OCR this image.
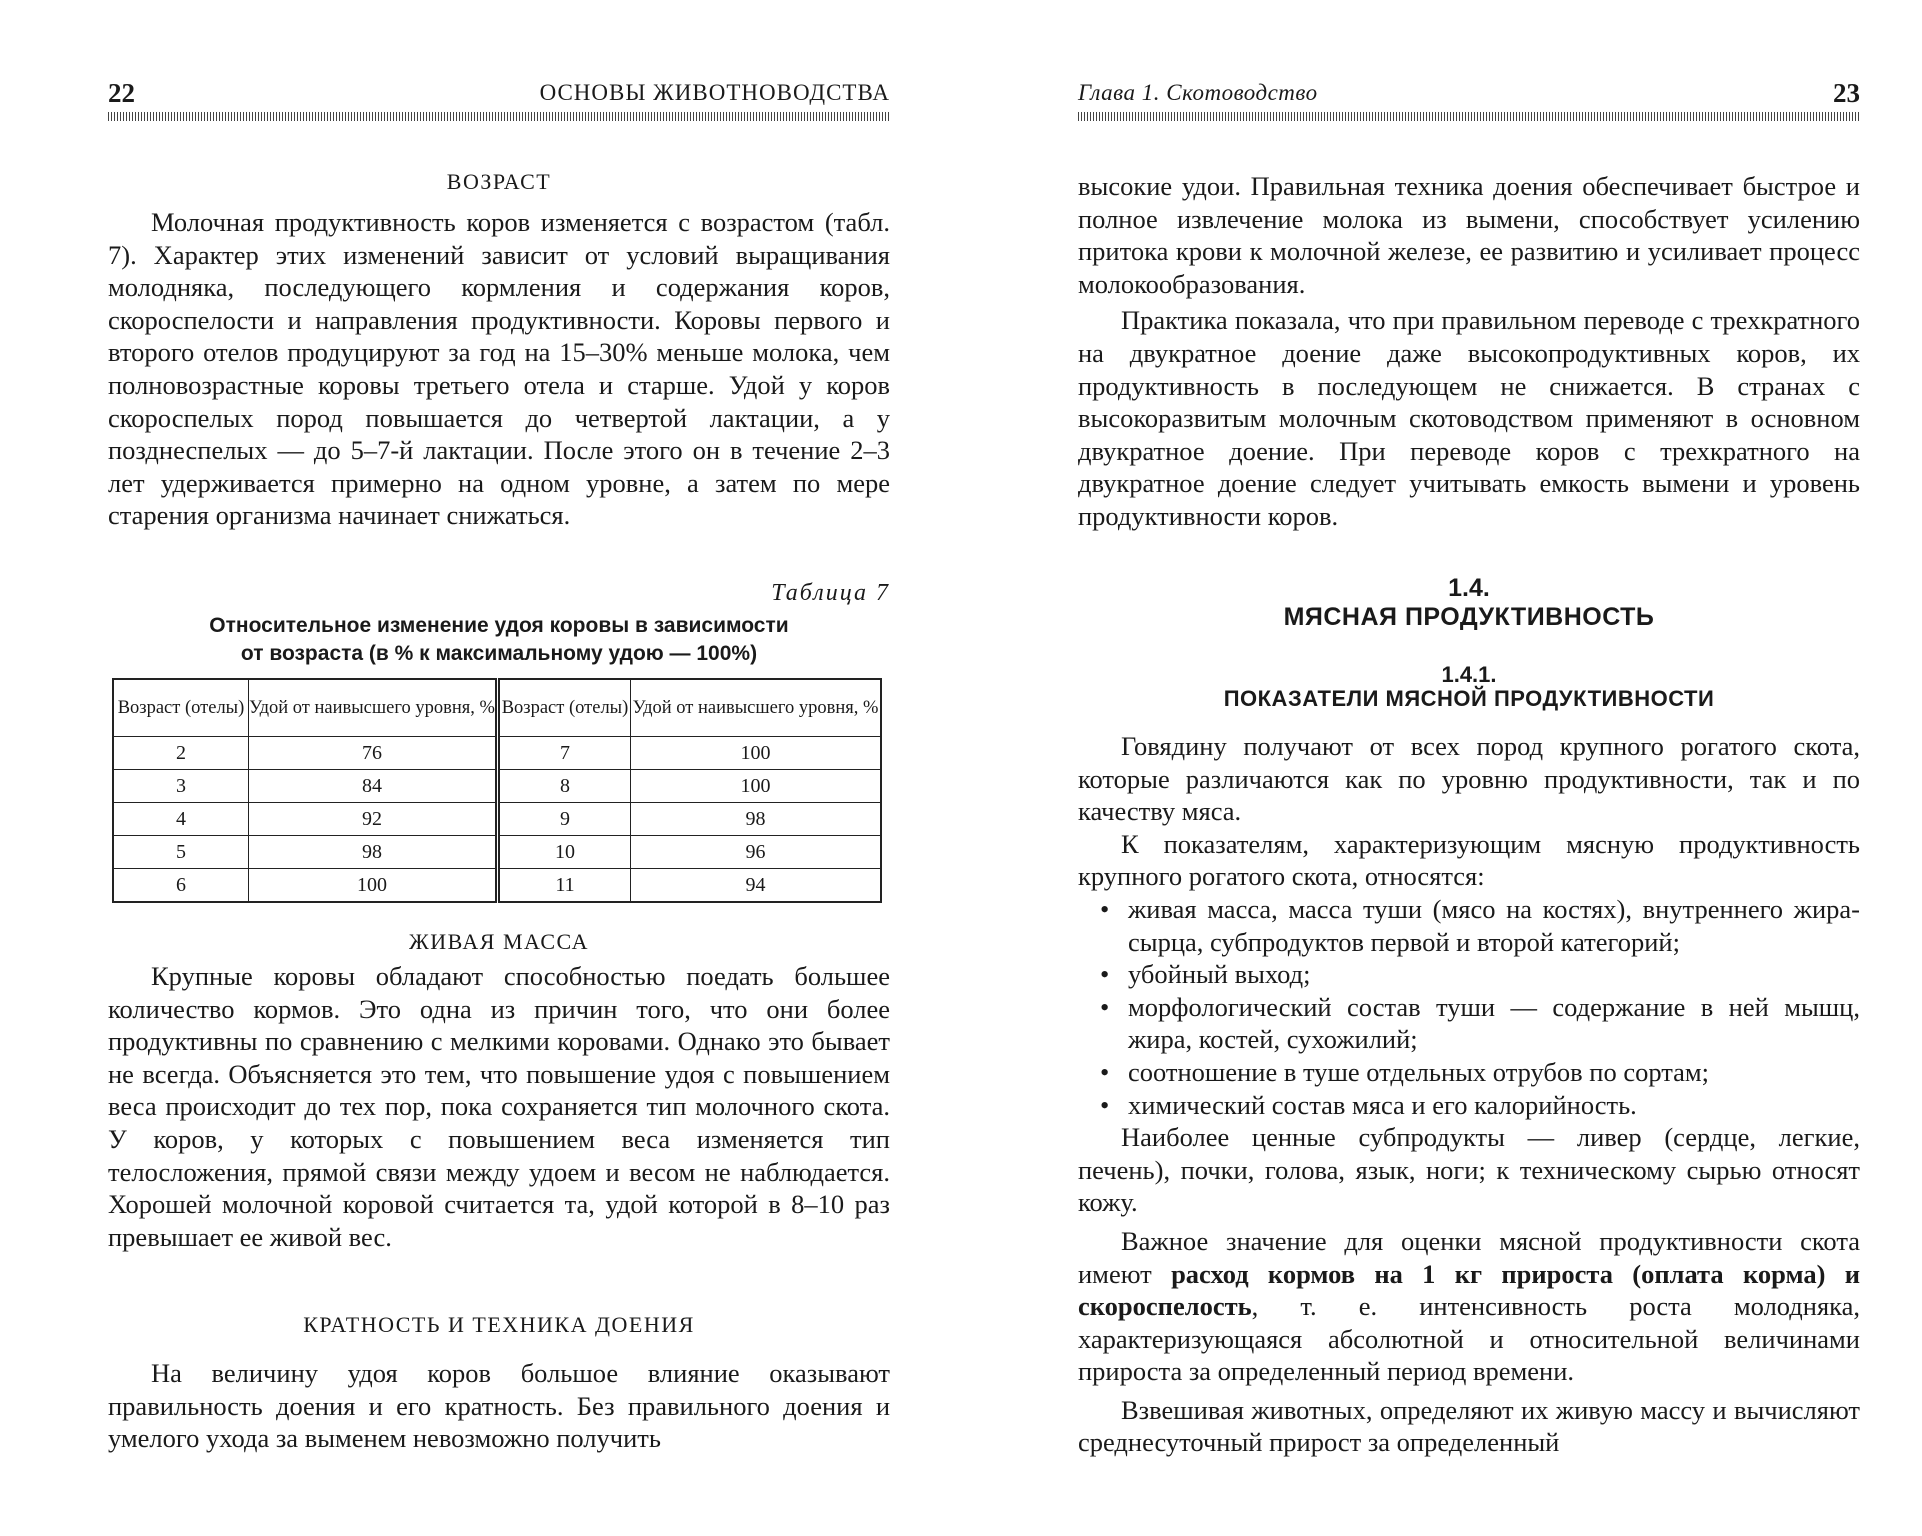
22	ОСНОВЫ ЖИВОТНОВОДСТВА
ВОЗРАСТ

Молочная продуктивность коров изменяется с возрастом (табл. 7). Характер этих изменений зависит от условий выращивания молодняка, последующего кормления и содержания коров, скороспелости и направления продуктивности. Коровы первого и второго отелов продуцируют за год на 15–30% меньше молока, чем полновозрастные коровы третьего отела и старше. Удой у коров скороспелых пород повышается до четвертой лактации, а у позднеспелых — до 5–7-й лактации. После этого он в течение 2–3 лет удерживается примерно на одном уровне, а затем по мере старения организма начинает снижаться.

Таблица 7
Относительное изменение удоя коровы в зависимости
от возраста (в % к максимальному удою — 100%)
Возраст (отелы)	Удой от наивысшего уровня, %	Возраст (отелы)	Удой от наивысшего уровня, %
2	76	7	100
3	84	8	100
4	92	9	98
5	98	10	96
6	100	11	94
ЖИВАЯ МАССА

Крупные коровы обладают способностью поедать большее количество кормов. Это одна из причин того, что они более продуктивны по сравнению с мелкими коровами. Однако это бывает не всегда. Объясняется это тем, что повышение удоя с повышением веса происходит до тех пор, пока сохраняется тип молочного скота. У коров, у которых с повышением веса изменяется тип телосложения, прямой связи между удоем и весом не наблюдается. Хорошей молочной коровой считается та, удой которой в 8–10 раз превышает ее живой вес.

КРАТНОСТЬ И ТЕХНИКА ДОЕНИЯ

На величину удоя коров большое влияние оказывают правильность доения и его кратность. Без правильного доения и умелого ухода за выменем невозможно получить

Глава 1. Скотоводство	23

высокие удои. Правильная техника доения обеспечивает быстрое и полное извлечение молока из вымени, способствует усилению притока крови к молочной железе, ее развитию и усиливает процесс молокообразования.

Практика показала, что при правильном переводе с трехкратного на двукратное доение даже высокопродуктивных коров, их продуктивность в последующем не снижается. В странах с высокоразвитым молочным скотоводством применяют в основном двукратное доение. При переводе коров с трехкратного на двукратное доение следует учитывать емкость вымени и уровень продуктивности коров.

1.4.
МЯСНАЯ ПРОДУКТИВНОСТЬ
1.4.1.
ПОКАЗАТЕЛИ МЯСНОЙ ПРОДУКТИВНОСТИ

Говядину получают от всех пород крупного рогатого скота, которые различаются как по уровню продуктивности, так и по качеству мяса.

К показателям, характеризующим мясную продуктивность крупного рогатого скота, относятся:

• живая масса, масса туши (мясо на костях), внутреннего жира-сырца, субпродуктов первой и второй категорий;
• убойный выход;
• морфологический состав туши — содержание в ней мышц, жира, костей, сухожилий;
• соотношение в туше отдельных отрубов по сортам;
• химический состав мяса и его калорийность.

Наиболее ценные субпродукты — ливер (сердце, легкие, печень), почки, голова, язык, ноги; к техническому сырью относят кожу.

Важное значение для оценки мясной продуктивности скота имеют расход кормов на 1 кг прироста (оплата корма) и скороспелость, т. е. интенсивность роста молодняка, характеризующаяся абсолютной и относительной величинами прироста за определенный период времени.

Взвешивая животных, определяют их живую массу и вычисляют среднесуточный прирост за определенный
